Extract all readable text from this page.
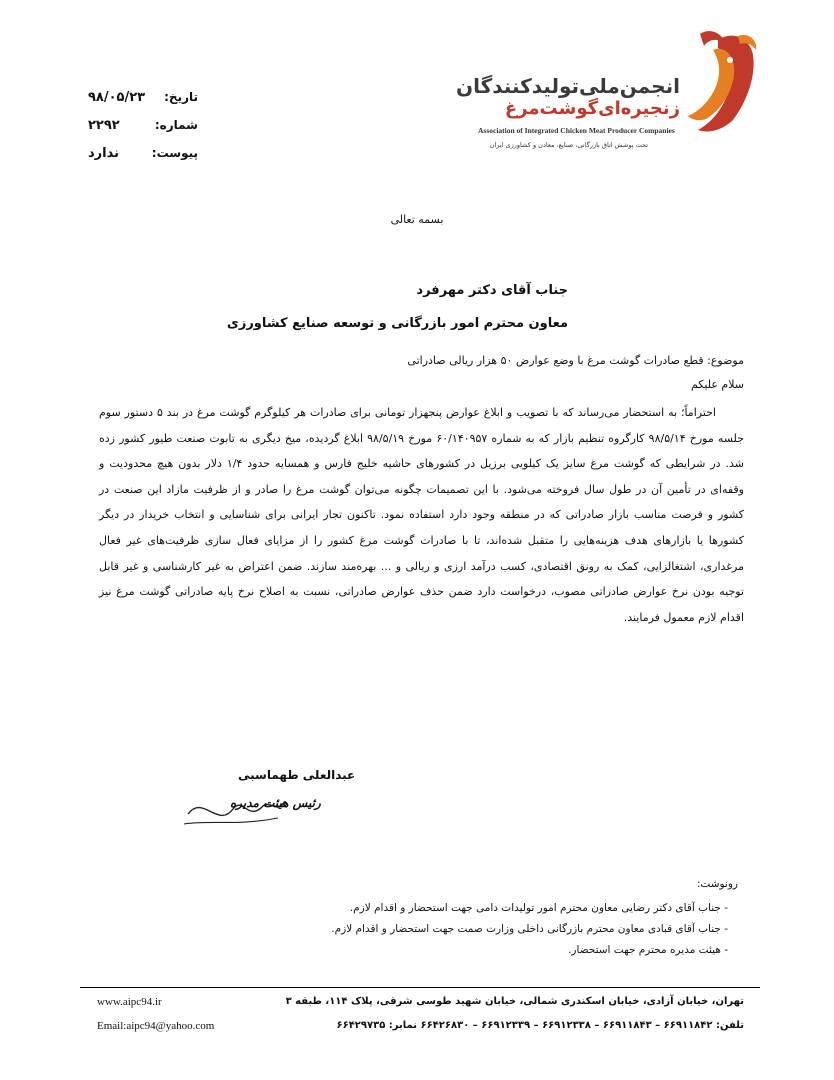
انجمن‌ملی‌تولیدکنندگان
زنجیره‌ای‌گوشت‌مرغ
Association of Integrated Chicken Meat Producer Companies
تحت پوشش اتاق بازرگانی، صنایع، معادن و کشاورزی ایران
تاریخ:
۹۸/۰۵/۲۳
شماره:
۲۲۹۲
پیوست:
ندارد
بسمه تعالی
جناب آقای دکتر مهرفرد
معاون محترم امور بازرگانی و توسعه صنایع کشاورزی
موضوع: قطع صادرات گوشت مرغ با وضع عوارض ۵۰ هزار ریالی صادراتی
سلام علیکم

احتراماً؛ به استحضار می‌رساند که با تصویب و ابلاغ عوارض پنجهزار تومانی برای صادرات هر کیلوگرم گوشت مرغ در بند ۵ دستور سوم جلسه مورخ ۹۸/۵/۱۴ کارگروه تنظیم بازار که به شماره ۶۰/۱۴۰۹۵۷ مورخ ۹۸/۵/۱۹ ابلاغ گردیده، میخ دیگری به تابوت صنعت طیور کشور زده شد. در شرایطی که گوشت مرغ سایز یک کیلویی برزیل در کشورهای حاشیه خلیج فارس و همسایه حدود ۱/۴ دلار بدون هیچ محدودیت و وقفه‌ای در تأمین آن در طول سال فروخته می‌شود. با این تصمیمات چگونه می‌توان گوشت مرغ را صادر و از ظرفیت مازاد این صنعت در کشور و فرصت مناسب بازار صادراتی که در منطقه وجود دارد استفاده نمود. تاکنون تجار ایرانی برای شناسایی و انتخاب خریدار در دیگر کشورها یا بازارهای هدف هزینه‌هایی را متقبل شده‌اند، تا با صادرات گوشت مرغ کشور را از مزایای فعال سازی ظرفیت‌های غیر فعال مرغداری، اشتغالزایی، کمک به رونق اقتصادی، کسب درآمد ارزی و ریالی و ... بهره‌مند سازند. ضمن اعتراض به غیر کارشناسی و غیر قابل توجیه بودن نرخ عوارض صادراتی مصوب، درخواست دارد ضمن حذف عوارض صادراتی، نسبت به اصلاح نرخ پایه صادراتی گوشت مرغ نیز اقدام لازم معمول فرمایند.

عبدالعلی طهماسبی
رئیس هیئت مدیره
رونوشت:
- جناب آقای دکتر رضایی معاون محترم امور تولیدات دامی جهت استحضار و اقدام لازم.
- جناب آقای قبادی معاون محترم بازرگانی داخلی وزارت صمت جهت استحضار و اقدام لازم.
- هیئت مدیره محترم جهت استحضار.
تهران، خیابان آزادی، خیابان اسکندری شمالی، خیابان شهید طوسی شرقی، پلاک ۱۱۴، طبقه ۳
تلفن: ۶۶۹۱۱۸۴۲ – ۶۶۹۱۱۸۴۳ – ۶۶۹۱۲۳۳۸ – ۶۶۹۱۲۳۳۹ – ۶۶۴۲۶۸۳۰ نمابر: ۶۶۴۲۹۷۳۵
www.aipc94.ir
Email:aipc94@yahoo.com
